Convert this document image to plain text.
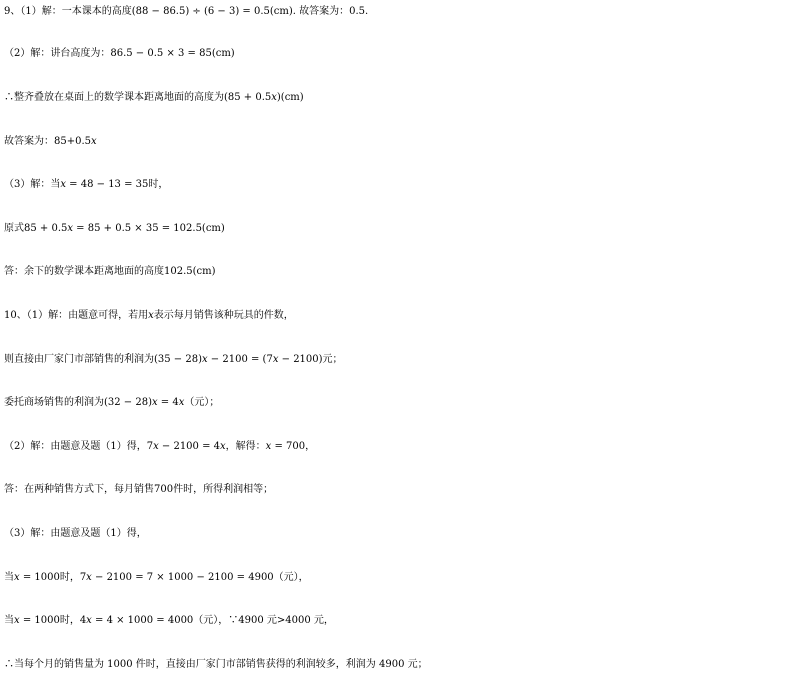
9、（1）解：一本课本的高度(88 − 86.5) ÷ (6 − 3) = 0.5(cm). 故答案为：0.5.
（2）解：讲台高度为：86.5 − 0.5 × 3 = 85(cm)
∴整齐叠放在桌面上的数学课本距离地面的高度为(85 + 0.5𝑥)(cm)
故答案为：85+0.5𝑥
（3）解：当𝑥 = 48 − 13 = 35时，
原式85 + 0.5𝑥 = 85 + 0.5 × 35 = 102.5(cm)
答：余下的数学课本距离地面的高度102.5(cm)
10、（1）解：由题意可得，若用𝑥表示每月销售该种玩具的件数，
则直接由厂家门市部销售的利润为(35 − 28)𝑥 − 2100 = (7𝑥 − 2100)元；
委托商场销售的利润为(32 − 28)𝑥 = 4𝑥（元）；
（2）解：由题意及题（1）得，7𝑥 − 2100 = 4𝑥，解得：𝑥 = 700，
答：在两种销售方式下，每月销售700件时，所得利润相等；
（3）解：由题意及题（1）得，
当𝑥 = 1000时，7𝑥 − 2100 = 7 × 1000 − 2100 = 4900（元），
当𝑥 = 1000时，4𝑥 = 4 × 1000 = 4000（元），∵4900 元>4000 元，
∴当每个月的销售量为 1000 件时，直接由厂家门市部销售获得的利润较多，利润为 4900 元；
